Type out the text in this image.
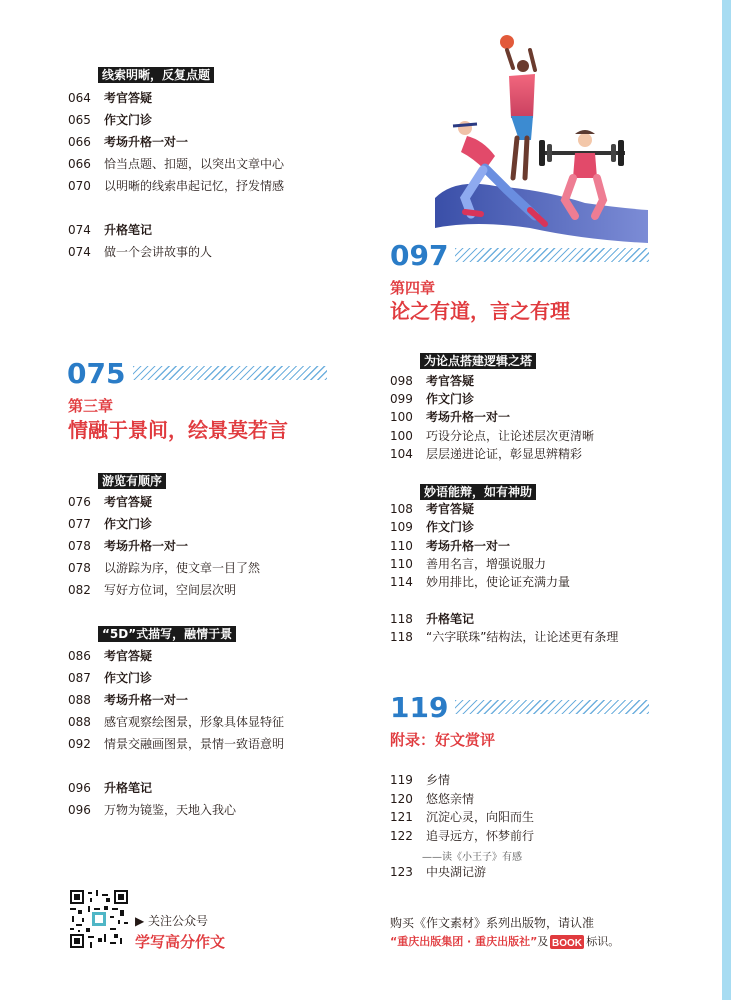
线索明晰，反复点题
064 考官答疑
065 作文门诊
066 考场升格一对一
066 恰当点题、扣题，以突出文章中心
070 以明晰的线索串起记忆，抒发情感
074 升格笔记
074 做一个会讲故事的人
075
第三章
情融于景间，绘景莫若言
游览有顺序
076 考官答疑
077 作文门诊
078 考场升格一对一
078 以游踪为序，使文章一目了然
082 写好方位词，空间层次明
“5D”式描写，融情于景
086 考官答疑
087 作文门诊
088 考场升格一对一
088 感官观察绘图景，形象具体显特征
092 情景交融画图景，景情一致语意明
096 升格笔记
096 万物为镜鉴，天地入我心
▶ 关注公众号
学写高分作文
097
第四章
论之有道，言之有理
为论点搭建逻辑之塔
098 考官答疑
099 作文门诊
100 考场升格一对一
100 巧设分论点，让论述层次更清晰
104 层层递进论证，彰显思辨精彩
妙语能辩，如有神助
108 考官答疑
109 作文门诊
110 考场升格一对一
110 善用名言，增强说服力
114 妙用排比，使论证充满力量
118 升格笔记
118 “六字联珠”结构法，让论述更有条理
119
附录：好文赏评
119 乡情
120 悠悠亲情
121 沉淀心灵，向阳而生
122 追寻远方，怀梦前行
——读《小王子》有感
123 中央湖记游
购买《作文素材》系列出版物，请认准
“重庆出版集团 · 重庆出版社”及 BOOK 标识。
